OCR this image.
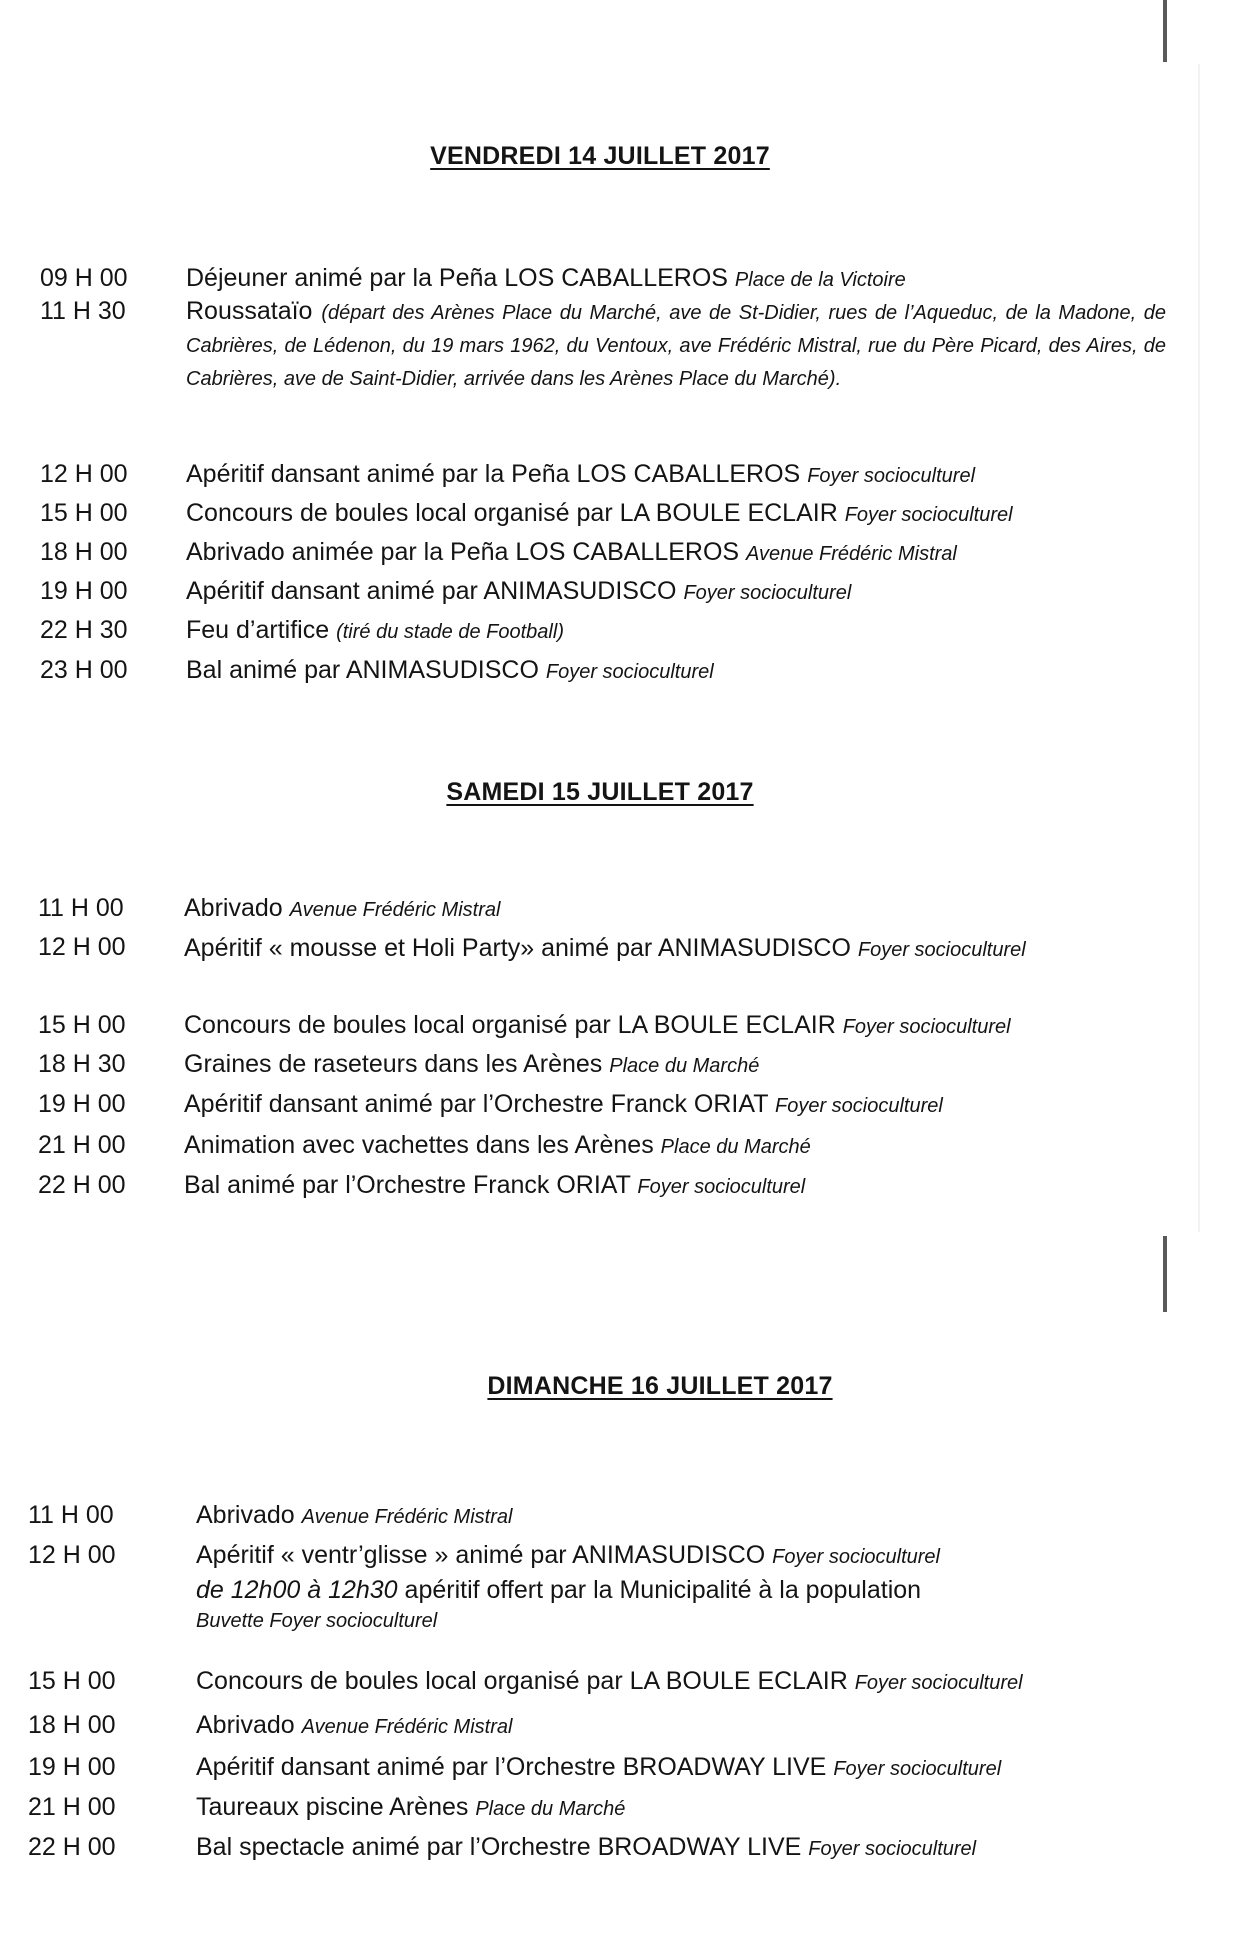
VENDREDI 14 JUILLET 2017
09 H 00	Déjeuner animé par la Peña LOS CABALLEROS Place de la Victoire
11 H 30	Roussataïo (départ des Arènes Place du Marché, ave de St-Didier, rues de l’Aqueduc, de la Madone, de Cabrières, de Lédenon, du 19 mars 1962, du Ventoux, ave Frédéric Mistral, rue du Père Picard, des Aires, de Cabrières, ave de Saint-Didier, arrivée dans les Arènes Place du Marché).
12 H 00	Apéritif dansant animé par la Peña LOS CABALLEROS Foyer socioculturel
15 H 00	Concours de boules local organisé par LA BOULE ECLAIR Foyer socioculturel
18 H 00	Abrivado animée par la Peña LOS CABALLEROS Avenue Frédéric Mistral
19 H 00	Apéritif dansant animé par ANIMASUDISCO Foyer socioculturel
22 H 30	Feu d’artifice (tiré du stade de Football)
23 H 00	Bal animé par ANIMASUDISCO Foyer socioculturel
SAMEDI 15 JUILLET 2017
11 H 00	Abrivado Avenue Frédéric Mistral
12 H 00	Apéritif « mousse et Holi Party» animé par ANIMASUDISCO Foyer socioculturel
15 H 00	Concours de boules local organisé par LA BOULE ECLAIR Foyer socioculturel
18 H 30	Graines de raseteurs dans les Arènes Place du Marché
19 H 00	Apéritif dansant animé par l’Orchestre Franck ORIAT Foyer socioculturel
21 H 00	Animation avec vachettes dans les Arènes Place du Marché
22 H 00	Bal animé par l’Orchestre Franck ORIAT Foyer socioculturel
DIMANCHE 16 JUILLET 2017
11 H 00	Abrivado Avenue Frédéric Mistral
12 H 00	Apéritif « ventr’glisse » animé par ANIMASUDISCO Foyer socioculturel
de 12h00 à 12h30 apéritif offert par la Municipalité à la population
Buvette Foyer socioculturel
15 H 00	Concours de boules local organisé par LA BOULE ECLAIR Foyer socioculturel
18 H 00	Abrivado Avenue Frédéric Mistral
19 H 00	Apéritif dansant animé par l’Orchestre BROADWAY LIVE Foyer socioculturel
21 H 00	Taureaux piscine Arènes Place du Marché
22 H 00	Bal spectacle animé par l’Orchestre BROADWAY LIVE Foyer socioculturel
